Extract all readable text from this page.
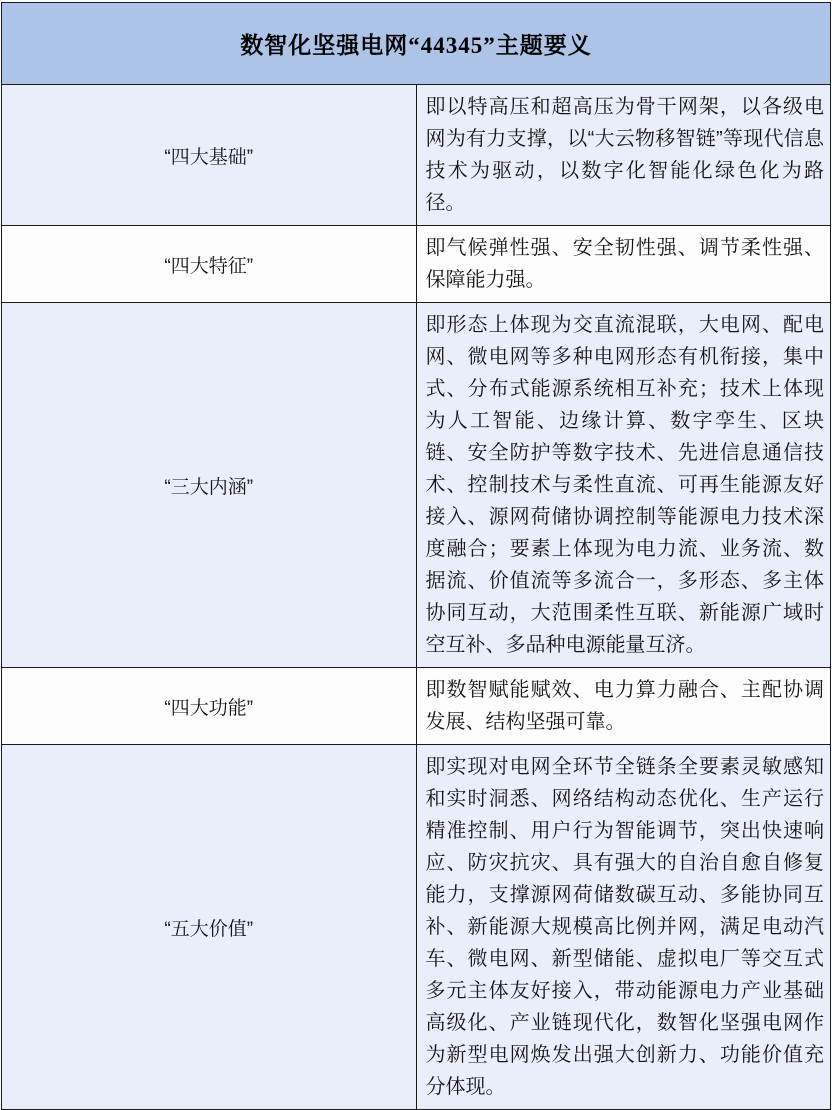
数智化坚强电网“44345”主题要义	
“四大基础”	即以特高压和超高压为骨干网架，以各级电网为有力支撑，以“大云物移智链”等现代信息技术为驱动，以数字化智能化绿色化为路径。
“四大特征”	即气候弹性强、安全韧性强、调节柔性强、保障能力强。
“三大内涵”	即形态上体现为交直流混联，大电网、配电网、微电网等多种电网形态有机衔接，集中式、分布式能源系统相互补充；技术上体现为人工智能、边缘计算、数字孪生、区块链、安全防护等数字技术、先进信息通信技术、控制技术与柔性直流、可再生能源友好接入、源网荷储协调控制等能源电力技术深度融合；要素上体现为电力流、业务流、数据流、价值流等多流合一，多形态、多主体协同互动，大范围柔性互联、新能源广域时空互补、多品种电源能量互济。
“四大功能”	即数智赋能赋效、电力算力融合、主配协调发展、结构坚强可靠。
“五大价值”	即实现对电网全环节全链条全要素灵敏感知和实时洞悉、网络结构动态优化、生产运行精准控制、用户行为智能调节，突出快速响应、防灾抗灾、具有强大的自治自愈自修复能力，支撑源网荷储数碳互动、多能协同互补、新能源大规模高比例并网，满足电动汽车、微电网、新型储能、虚拟电厂等交互式多元主体友好接入，带动能源电力产业基础高级化、产业链现代化，数智化坚强电网作为新型电网焕发出强大创新力、功能价值充分体现。
